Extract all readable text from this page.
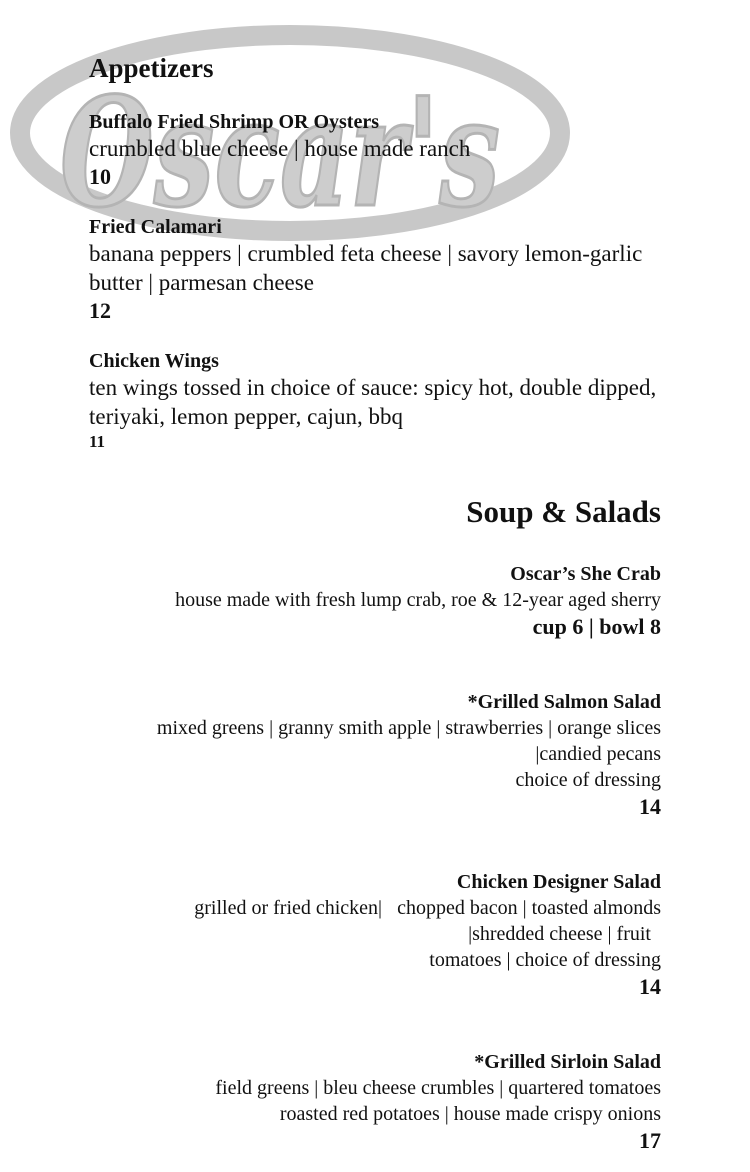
Oscar's
Appetizers
Buffalo Fried Shrimp OR Oysters
crumbled blue cheese | house made ranch
10
Fried Calamari
banana peppers | crumbled feta cheese | savory lemon-garlic butter | parmesan cheese
12
Chicken Wings
ten wings tossed in choice of sauce: spicy hot, double dipped, teriyaki, lemon pepper, cajun, bbq
11
Soup & Salads
Oscar’s She Crab
house made with fresh lump crab, roe & 12-year aged sherry
cup 6 | bowl 8
*Grilled Salmon Salad
mixed greens | granny smith apple | strawberries | orange slices
|candied pecans
choice of dressing
14
Chicken Designer Salad
grilled or fried chicken|   chopped bacon | toasted almonds
|shredded cheese | fruit
tomatoes | choice of dressing
14
*Grilled Sirloin Salad
field greens | bleu cheese crumbles | quartered tomatoes
roasted red potatoes | house made crispy onions
17
